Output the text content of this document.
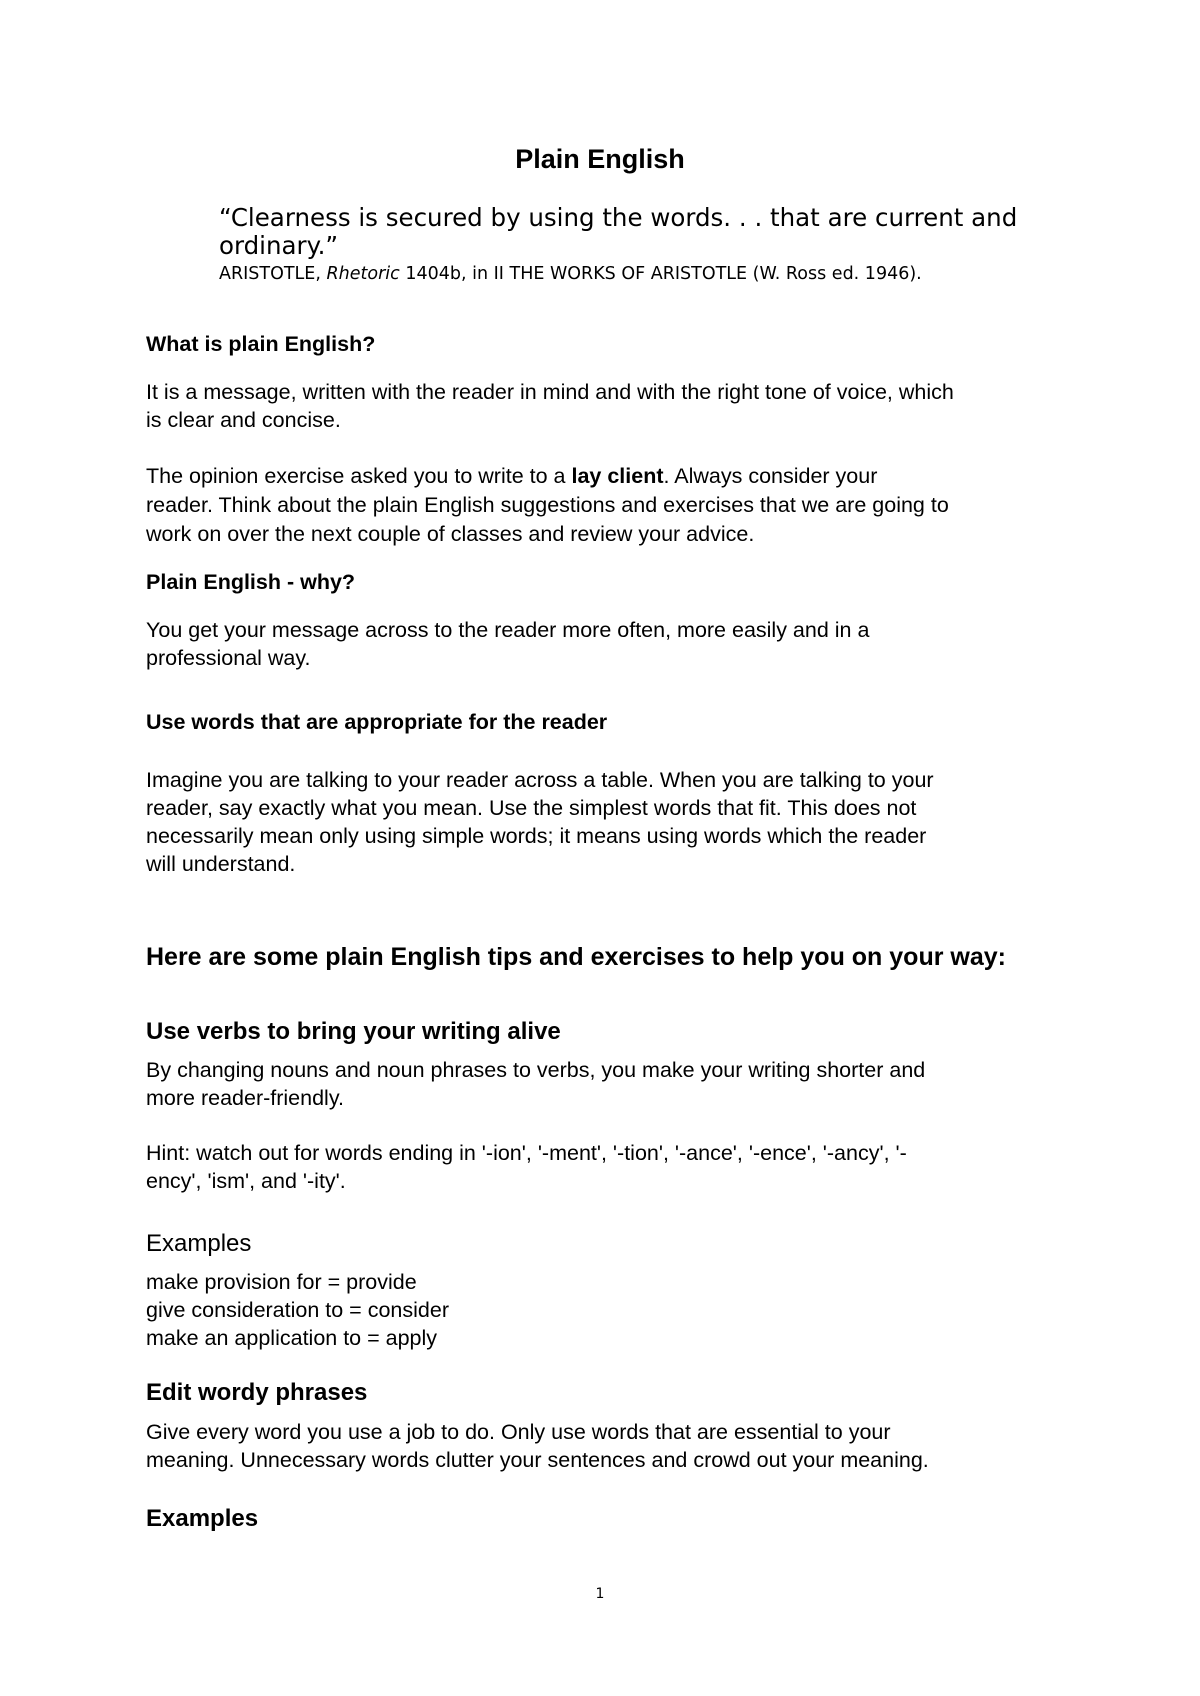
Plain English
“Clearness is secured by using the words. . . that are current and
ordinary.”
ARISTOTLE, Rhetoric 1404b, in II THE WORKS OF ARISTOTLE (W. Ross ed. 1946).
What is plain English?

It is a message, written with the reader in mind and with the right tone of voice, which
is clear and concise.

The opinion exercise asked you to write to a lay client. Always consider your
reader. Think about the plain English suggestions and exercises that we are going to
work on over the next couple of classes and review your advice.

Plain English - why?

You get your message across to the reader more often, more easily and in a
professional way.

Use words that are appropriate for the reader

Imagine you are talking to your reader across a table. When you are talking to your
reader, say exactly what you mean. Use the simplest words that fit. This does not
necessarily mean only using simple words; it means using words which the reader
will understand.

Here are some plain English tips and exercises to help you on your way:
Use verbs to bring your writing alive

By changing nouns and noun phrases to verbs, you make your writing shorter and
more reader-friendly.

Hint: watch out for words ending in '-ion', '-ment', '-tion', '-ance', '-ence', '-ancy', '-
ency', 'ism', and '-ity'.

Examples
make provision for = provide
give consideration to = consider
make an application to = apply
Edit wordy phrases

Give every word you use a job to do. Only use words that are essential to your
meaning. Unnecessary words clutter your sentences and crowd out your meaning.

Examples
1
